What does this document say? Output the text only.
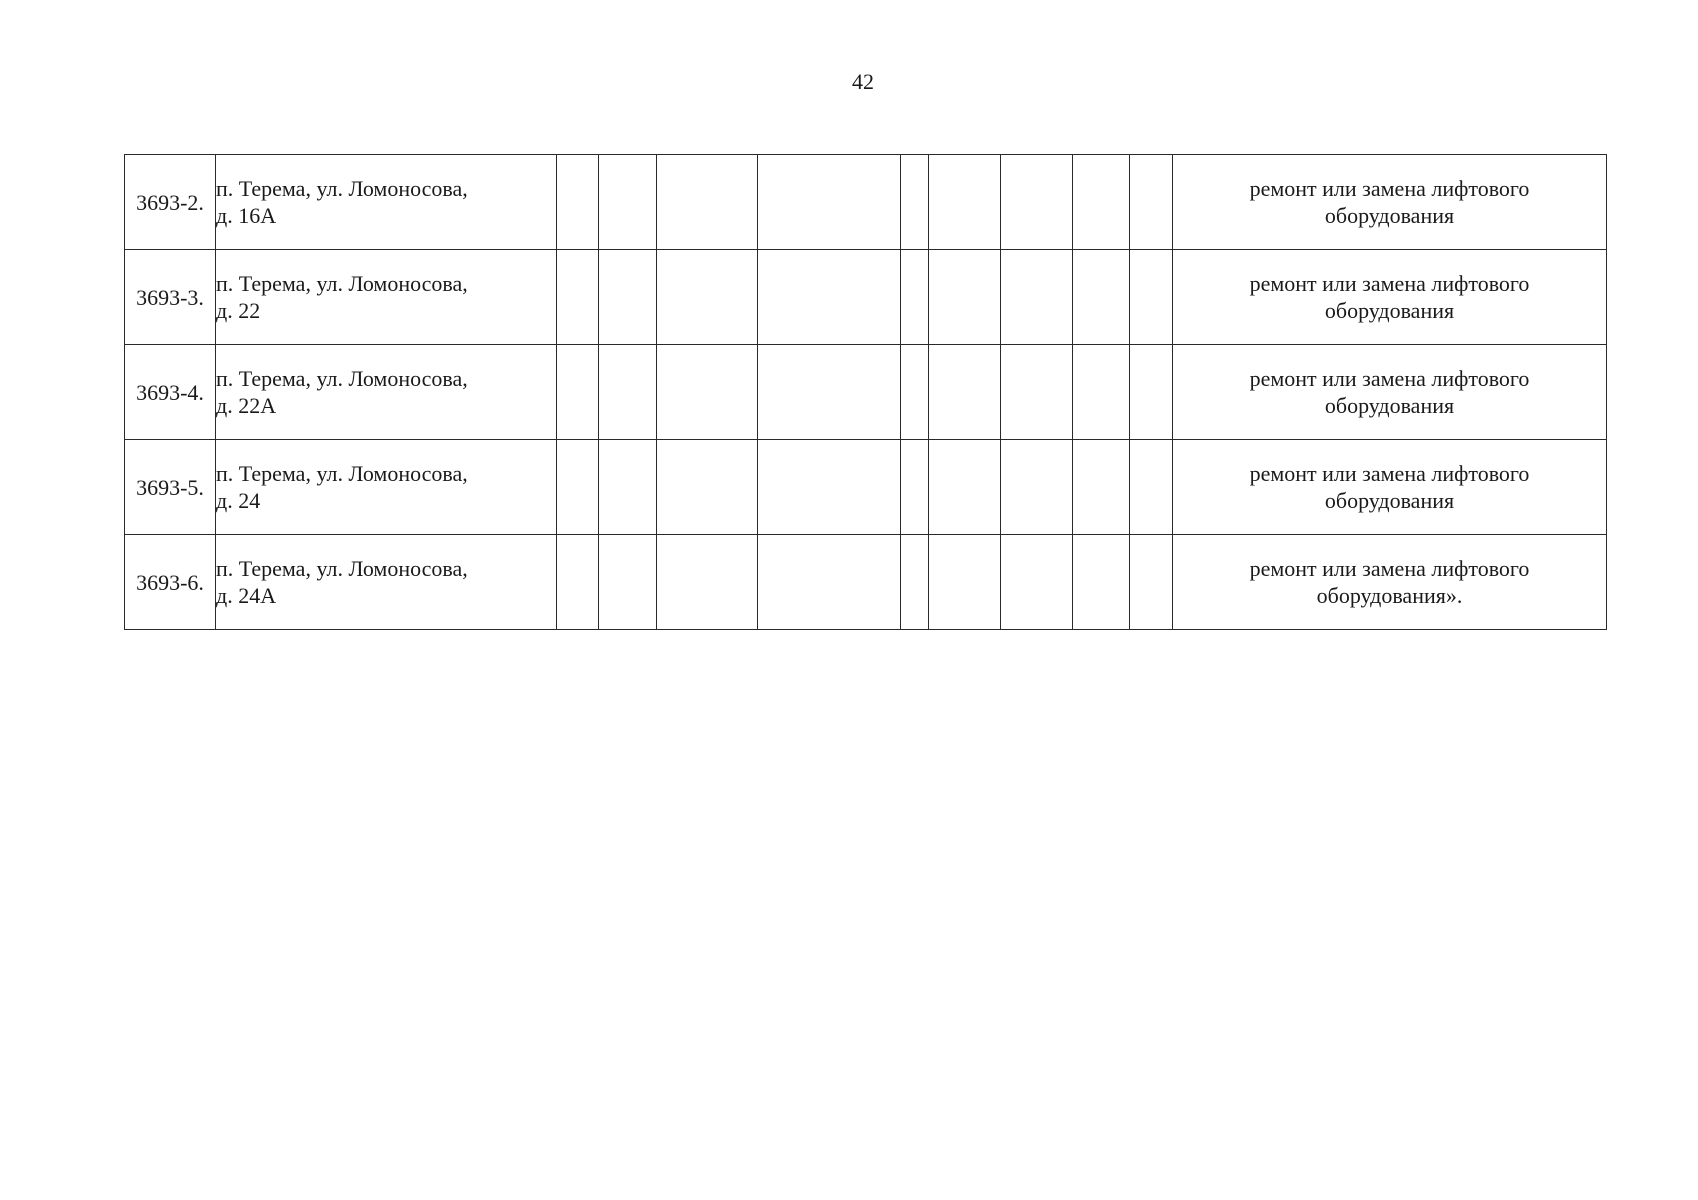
42
3693-2.	п. Терема, ул. Ломоносова,
д. 16А										ремонт или замена лифтового
оборудования

3693-3.	п. Терема, ул. Ломоносова,
д. 22										ремонт или замена лифтового
оборудования

3693-4.	п. Терема, ул. Ломоносова,
д. 22А										ремонт или замена лифтового
оборудования

3693-5.	п. Терема, ул. Ломоносова,
д. 24										ремонт или замена лифтового
оборудования

3693-6.	п. Терема, ул. Ломоносова,
д. 24А										ремонт или замена лифтового
оборудования».
